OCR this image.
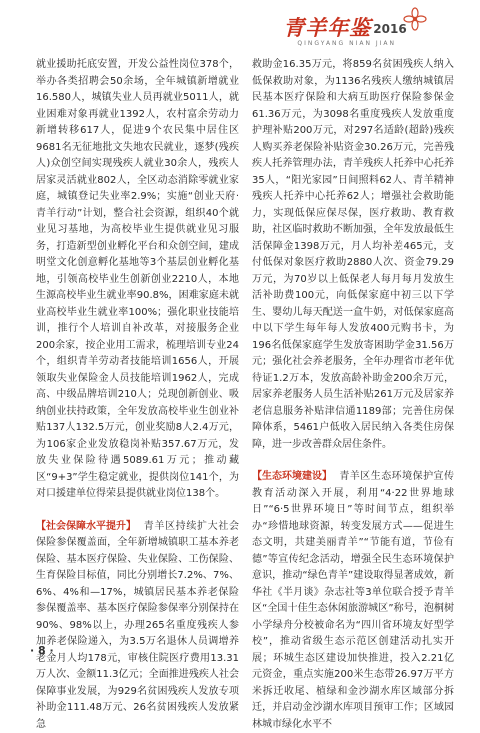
青羊年鉴 2016
QINGYANG NIAN JIAN

就业援助托底安置，开发公益性岗位378个，举办各类招聘会50余场，全年城镇新增就业16.580人，城镇失业人员再就业5011人，就业困难对象再就业1392人，农村富余劳动力新增转移617人，促进9个农民集中居住区9681名无征地批文失地农民就业，逐梦(残疾人)众创空间实现残疾人就业30余人，残疾人居家灵活就业802人，全区动态消除零就业家庭，城镇登记失业率2.9%；实施“创业天府·青羊行动”计划，整合社会资源，组织40个就业见习基地，为高校毕业生提供就业见习服务，打造新型创业孵化平台和众创空间，建成明堂文化创意孵化基地等3个基层创业孵化基地，引领高校毕业生创新创业2210人，本地生源高校毕业生就业率90.8%，困难家庭未就业高校毕业生就业率100%；强化职业技能培训，推行个人培训自补改革，对接服务企业200余家，按企业用工需求，梳理培训专业24个，组织青羊劳动者技能培训1656人，开展领取失业保险金人员技能培训1962人，完成高、中级品牌培训210人；兑现创新创业、吸纳创业扶持政策，全年发放高校毕业生创业补贴137人132.5万元，创业奖励8人2.4万元，为106家企业发放稳岗补贴357.67万元，发放失业保险待遇5089.61万元；推动藏区“9+3”学生稳定就业，提供岗位141个，为对口援建单位得荣县提供就业岗位138个。

【社会保障水平提升】 青羊区持续扩大社会保险参保覆盖面，全年新增城镇职工基本养老保险、基本医疗保险、失业保险、工伤保险、生育保险目标值，同比分别增长7.2%、7%、6%、4%和—17%，城镇居民基本养老保险参保覆盖率、基本医疗保险参保率分别保持在90%、98%以上，办理265名重度残疾人参加养老保险递入，为3.5万名退休人员调增养老金月人均178元，审核住院医疗费用13.31万人次、金额11.3亿元；全面推进残疾人社会保障事业发展，为929名贫困残疾人发放专项补助金111.48万元、26名贫困残疾人发放紧急

救助金16.35万元，将859名贫困残疾人纳入低保救助对象，为1136名残疾人缴纳城镇居民基本医疗保险和大病互助医疗保险参保金61.36万元，为3098名重度残疾人发放重度护理补贴200万元，对297名适龄(超龄)残疾人购买养老保险补贴资金30.26万元，完善残疾人托养管理办法，青羊残疾人托养中心托养35人，“阳光家园”日间照料62人、青羊精神残疾人托养中心托养62人；增强社会救助能力，实现低保应保尽保，医疗救助、教育救助，社区临时救助不断加强，全年发放最低生活保障金1398万元，月人均补差465元，支付低保对象医疗救助2880人次、资金79.29万元，为70岁以上低保老人每月每月发放生活补助费100元，向低保家庭中初三以下学生、婴幼儿每天配送一盒牛奶，对低保家庭高中以下学生每年每人发放400元购书卡，为196名低保家庭学生发放寄困助学金31.56万元；强化社会养老服务，全年办理省市老年优待证1.2万本，发放高龄补助金200余万元，居家养老服务人员生活补贴261万元及居家养老信息服务补贴津信通1189部；完善住房保障体系，5461户低收入居民纳入各类住房保障，进一步改善群众居住条件。

【生态环境建设】 青羊区生态环境保护宣传教育活动深入开展，利用“4·22世界地球日”“6·5世界环境日”等时间节点，组织举办“珍惜地球资源，转变发展方式——促进生态文明，共建美丽青羊”“节能有道，节俭有德”等宣传纪念活动，增强全民生态环境保护意识，推动“绿色青羊”建设取得显著成效，新华社《半月谈》杂志社等3单位联合授予青羊区“全国十佳生态休闲旅游城区”称号，泡桐树小学绿舟分校被命名为“四川省环境友好型学校”，推动省级生态示范区创建活动扎实开展；环城生态区建设加快推进，投入2.21亿元资金，重点实施200米生态带26.97万平方米拆迁收尾、植绿和金沙湖水库区域部分拆迁，并启动金沙湖水库项目预审工作；区域园林城市绿化水平不

· 8 ·
